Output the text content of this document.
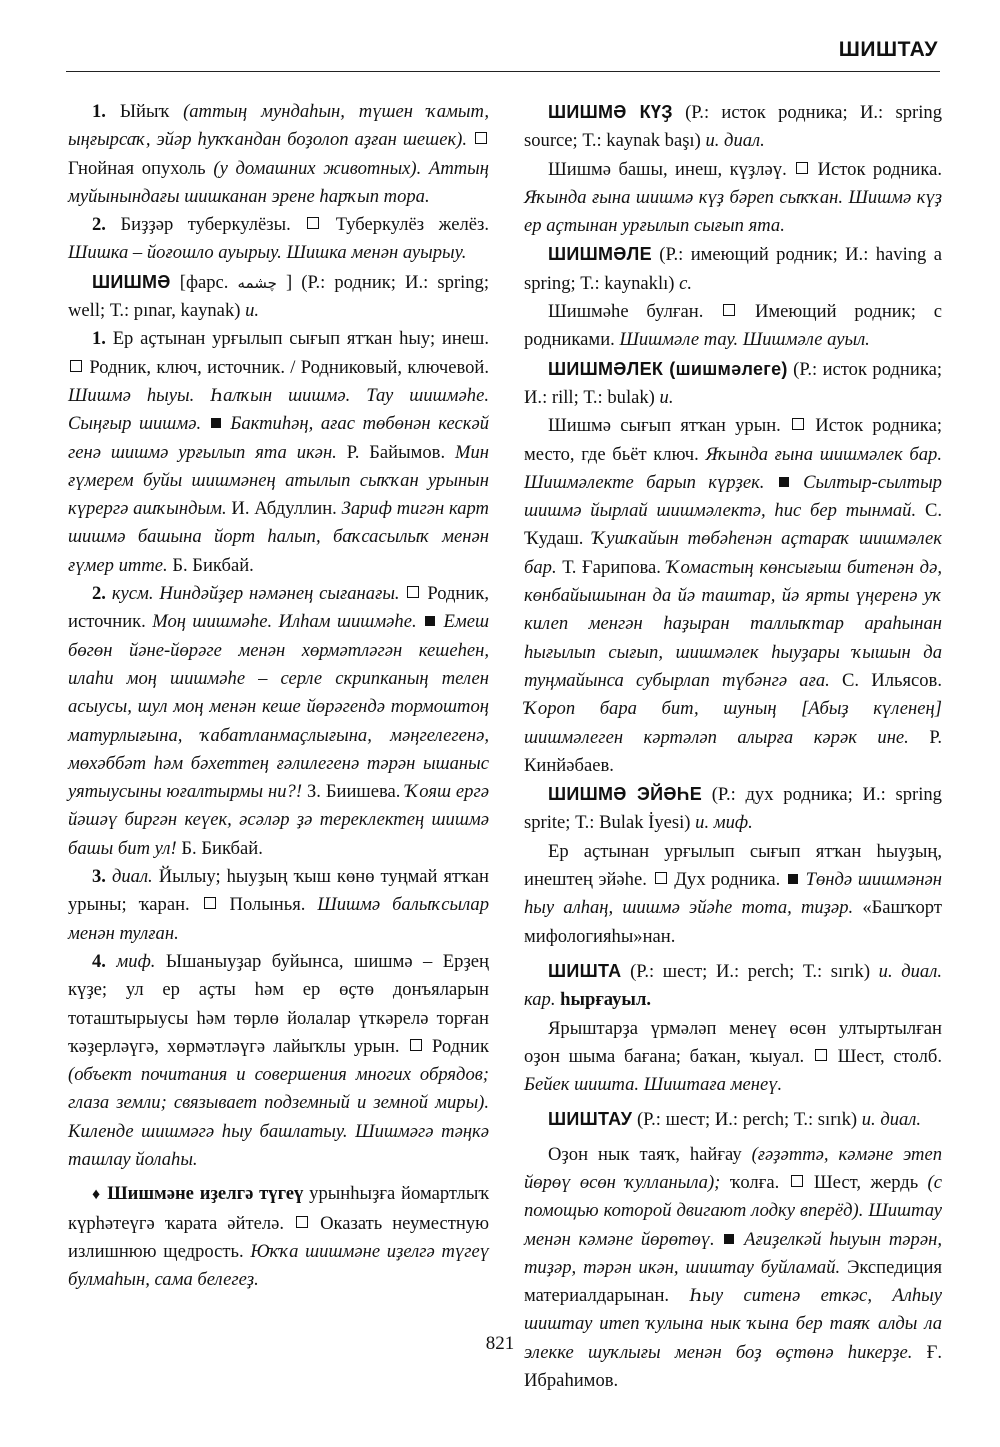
ШИШТАУ

1. Ыйыҡ (аттың мундаһын, түшен ҡамыт, ыңғырсаҡ, эйәр һуҡҡандан боҙолоп аҙған шешек).  Гнойная опухоль (у домашних животных). Аттың муйынындағы шишканан эрене һарҡып тора.

2. Биҙҙәр туберкулёзы. Туберкулёз желёз. Шишка – йоғошло ауырыу. Шишка менән ауырыу.

ШИШМӘ [фарс. چشمه ] (Р.: родник; И.: spring; well; Т.: pınar, kaynak) и.

1. Ер аҫтынан урғылып сығып ятҡан һыу; инеш.  Родник, ключ, источник. / Родниковый, ключевой. Шишмә һыуы. Һалҡын шишмә. Тау шишмәһе. Сыңғыр шишмә. Бактиһәң, ағас төбөнән кескәй генә шишмә урғылып ята икән. Р. Байымов. Мин ғүмерем буйы шишмәнең атылып сыҡҡан урынын күрергә ашҡындым. И. Абдуллин. Зариф тигән карт шишмә башына йорт һалып, баҡсасылыҡ менән ғүмер итте. Б. Бикбай.

2. кусм. Ниндәйҙер нәмәнең сығанағы. Родник, источник. Моң шишмәһе. Илһам шишмәһе. Емеш бөгөн йәне-йөрәге менән хөрмәтләгән кешеһен, илаһи моң шишмәһе – серле скрипканың телен асыусы, шул моң менән кеше йөрәгендә тормоштоң матурлығына, ҡабатланмаҫлығына, мәңгелегенә, мөхәббәт һәм бәхеттең ғәлилегенә тәрән ышаныс уятыусыны юғалтырмы ни?! З. Биишева. Ҡояш ергә йәшәү биргән кеүек, әсәләр ҙә тереклектең шишмә башы бит ул! Б. Бикбай.

3. диал. Йылыу; һыуҙың ҡыш көнө туңмай ятҡан урыны; ҡаран. Полынья. Шишмә балыҡсылар менән тулған.

4. миф. Ышаныуҙар буйынса, шишмә – Ерҙең күҙе; ул ер аҫты һәм ер өҫтө донъяларын тоташтырыусы һәм төрлө йолалар үткәрелә торған ҡәҙерләүгә, хөрмәтләүгә лайыҡлы урын. Родник (объект почитания и совершения многих обрядов; глаза земли; связывает подземный и земной миры). Киленде шишмәгә һыу башлатыу. Шишмәгә тәңкә ташлау йолаһы.

♦ Шишмәне иҙелгә түгеү урынһыҙға йомартлыҡ күрһәтеүгә ҡарата әйтелә. Оказать неуместную излишнюю щедрость. Юҡҡа шишмәне иҙелгә түгеү булмаһын, сама белегеҙ.

ШИШМӘ КҮҘ (Р.: исток родника; И.: spring source; Т.: kaynak başı) и. диал.

Шишмә башы, инеш, күҙләү. Исток родника. Яҡында ғына шишмә күҙ бәреп сыҡҡан. Шишмә күҙ ер аҫтынан урғылып сығып ята.

ШИШМӘЛЕ (Р.: имеющий родник; И.: having a spring; Т.: kaynaklı) с.

Шишмәһе булған.	Имеющий родник; с родниками. Шишмәле тау. Шишмәле ауыл.

ШИШМӘЛЕК (шишмәлеге) (Р.: исток родника; И.: rill; Т.: bulak) и.

Шишмә сығып ятҡан урын. Исток родника; место, где бьёт ключ. Яҡында ғына шишмәлек бар. Шишмәлекте барып күрҙек. Сылтыр-сылтыр шишмә йырлай шишмәлектә, һис бер тынмай. С. Ҡудаш. Ҡушҡайын төбәһенән аҫтараҡ шишмәлек бар. Т. Ғарипова. Ҡомастың көнсығыш битенән дә, көнбайышынан да йә таштар, йә ярты үңеренә уҡ килеп менгән һаҙыран таллыҡтар араһынан һығылып сығып, шишмәлек һыуҙары ҡышын да туңмайынса субырлап түбәнгә аға. С. Ильясов. Ҡороп бара бит, шуның [Абыҙ күленең] шишмәлеген кәртәләп алырға кәрәк ине. Р. Кинйәбаев.

ШИШМӘ ЭЙӘҺЕ (Р.: дух родника; И.: spring sprite; Т.: Bulak İyesi) и. миф.

Ер аҫтынан урғылып сығып ятҡан һыуҙың, инештең эйәһе. Дух родника. Төндә шишмәнән һыу алһаң, шишмә эйәһе тота, тиҙәр. «Башҡорт мифологияһы»нан.

ШИШТА (Р.: шест; И.: perch; Т.: sırık) и. диал. кар. һырғауыл.

Ярыштарҙа үрмәләп менеү өсөн ултыртылған оҙон шыма бағана; баҡан, ҡыуал. Шест, столб. Бейек шишта. Шиштаға менеү.

ШИШТАУ (Р.: шест; И.: perch; Т.: sırık) и. диал.

Оҙон нык таяҡ, һайғау (ғәҙәттә, кәмәне этеп йөрөү өсөн ҡулланыла); ҡолға. Шест, жердь (с помощью которой двигают лодку вперёд). Шиштау менән кәмәне йөрөтөү. Ағиҙелкәй һыуын тәрән, тиҙәр, тәрән икән, шиштау буйламай. Экспедиция материалдарынан. Һыу ситенә еткәс, Алһыу шиштау итеп ҡулына нык ҡына бер таяҡ алды ла элекке шуҡлығы менән боҙ өҫтөнә һикерҙе. Ғ. Ибраһимов.

821
